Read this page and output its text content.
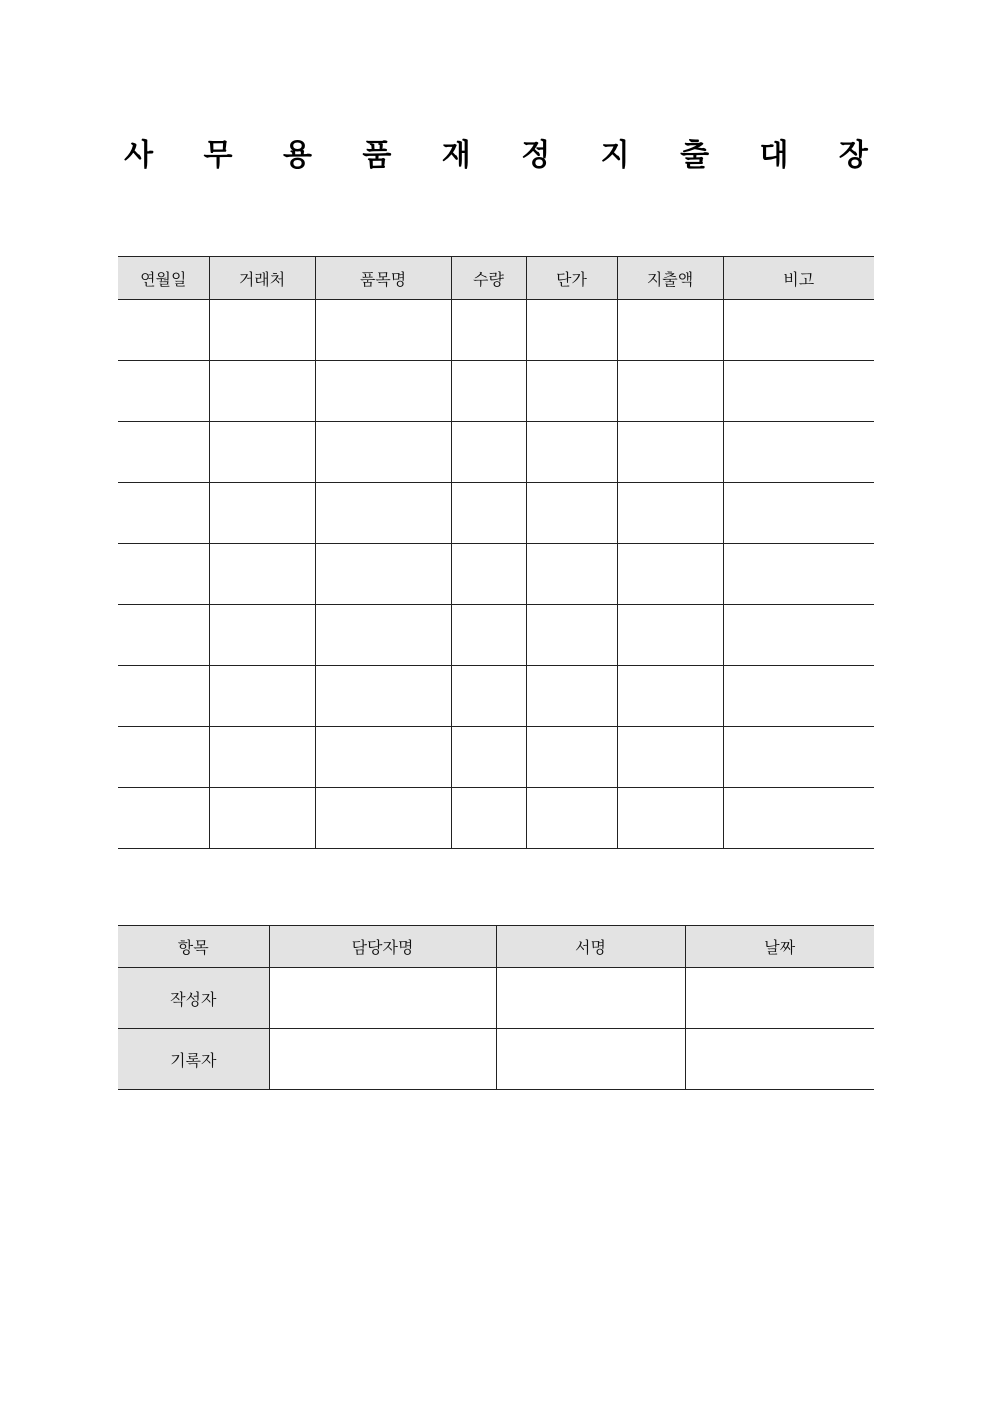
사 무 용 품 재 정 지 출 대 장
연월일	거래처	품목명	수량	단가	지출액	비고

항목	담당자명	서명	날짜
작성자			
기록자			
